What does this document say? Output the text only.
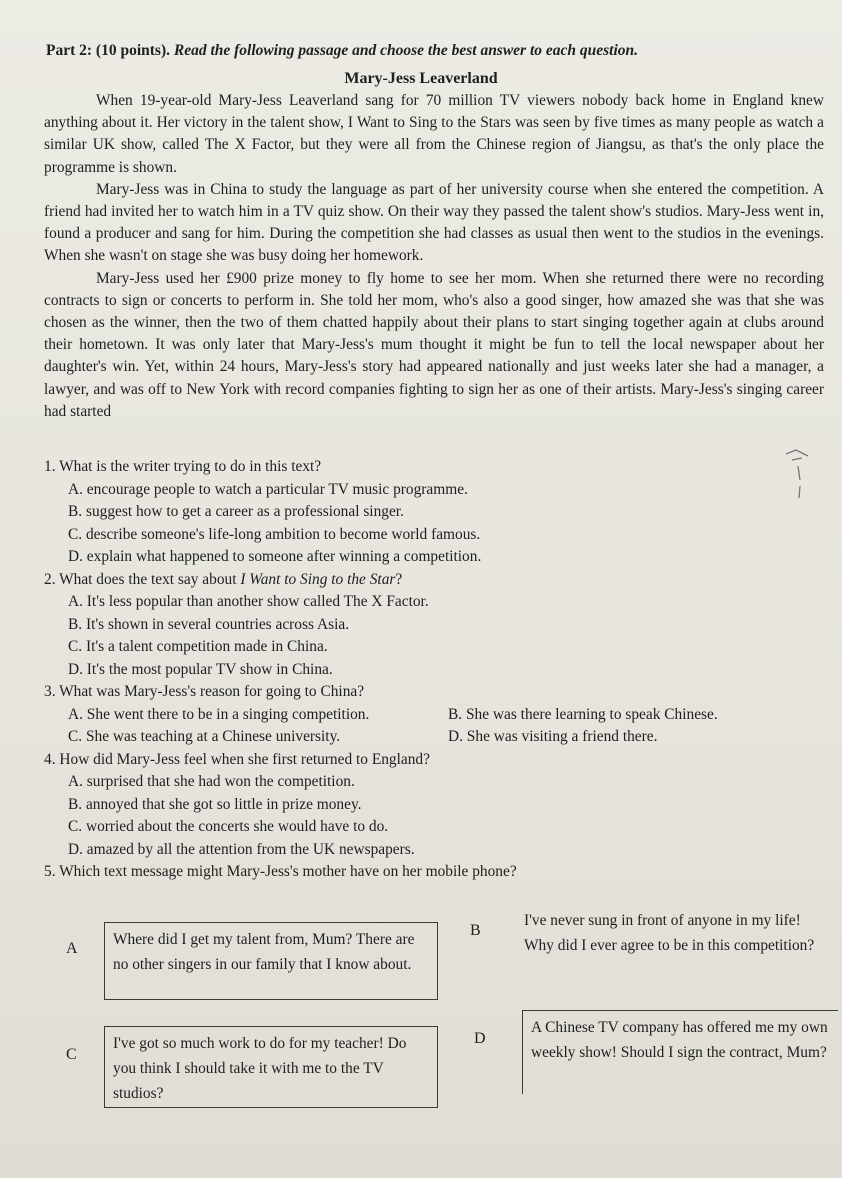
Part 2: (10 points). Read the following passage and choose the best answer to each question.
Mary-Jess Leaverland

When 19-year-old Mary-Jess Leaverland sang for 70 million TV viewers nobody back home in England knew anything about it. Her victory in the talent show, I Want to Sing to the Stars was seen by five times as many people as watch a similar UK show, called The X Factor, but they were all from the Chinese region of Jiangsu, as that's the only place the programme is shown.

Mary-Jess was in China to study the language as part of her university course when she entered the competition. A friend had invited her to watch him in a TV quiz show. On their way they passed the talent show's studios. Mary-Jess went in, found a producer and sang for him. During the competition she had classes as usual then went to the studios in the evenings. When she wasn't on stage she was busy doing her homework.

Mary-Jess used her £900 prize money to fly home to see her mom. When she returned there were no recording contracts to sign or concerts to perform in. She told her mom, who's also a good singer, how amazed she was that she was chosen as the winner, then the two of them chatted happily about their plans to start singing together again at clubs around their hometown. It was only later that Mary-Jess's mum thought it might be fun to tell the local newspaper about her daughter's win. Yet, within 24 hours, Mary-Jess's story had appeared nationally and just weeks later she had a manager, a lawyer, and was off to New York with record companies fighting to sign her as one of their artists. Mary-Jess's singing career had started

1. What is the writer trying to do in this text?

A. encourage people to watch a particular TV music programme.

B. suggest how to get a career as a professional singer.

C. describe someone's life-long ambition to become world famous.

D. explain what happened to someone after winning a competition.

2. What does the text say about I Want to Sing to the Star?

A. It's less popular than another show called The X Factor.

B. It's shown in several countries across Asia.

C. It's a talent competition made in China.

D. It's the most popular TV show in China.

3. What was Mary-Jess's reason for going to China?

A. She went there to be in a singing competition.	B. She was there learning to speak Chinese.
C. She was teaching at a Chinese university.	D. She was visiting a friend there.

4. How did Mary-Jess feel when she first returned to England?

A. surprised that she had won the competition.

B. annoyed that she got so little in prize money.

C. worried about the concerts she would have to do.

D. amazed by all the attention from the UK newspapers.

5. Which text message might Mary-Jess's mother have on her mobile phone?

A
Where did I get my talent from, Mum? There are no other singers in our family that I know about.
B
I've never sung in front of anyone in my life! Why did I ever agree to be in this competition?
C
I've got so much work to do for my teacher! Do you think I should take it with me to the TV studios?
D
A Chinese TV company has offered me my own weekly show! Should I sign the contract, Mum?
